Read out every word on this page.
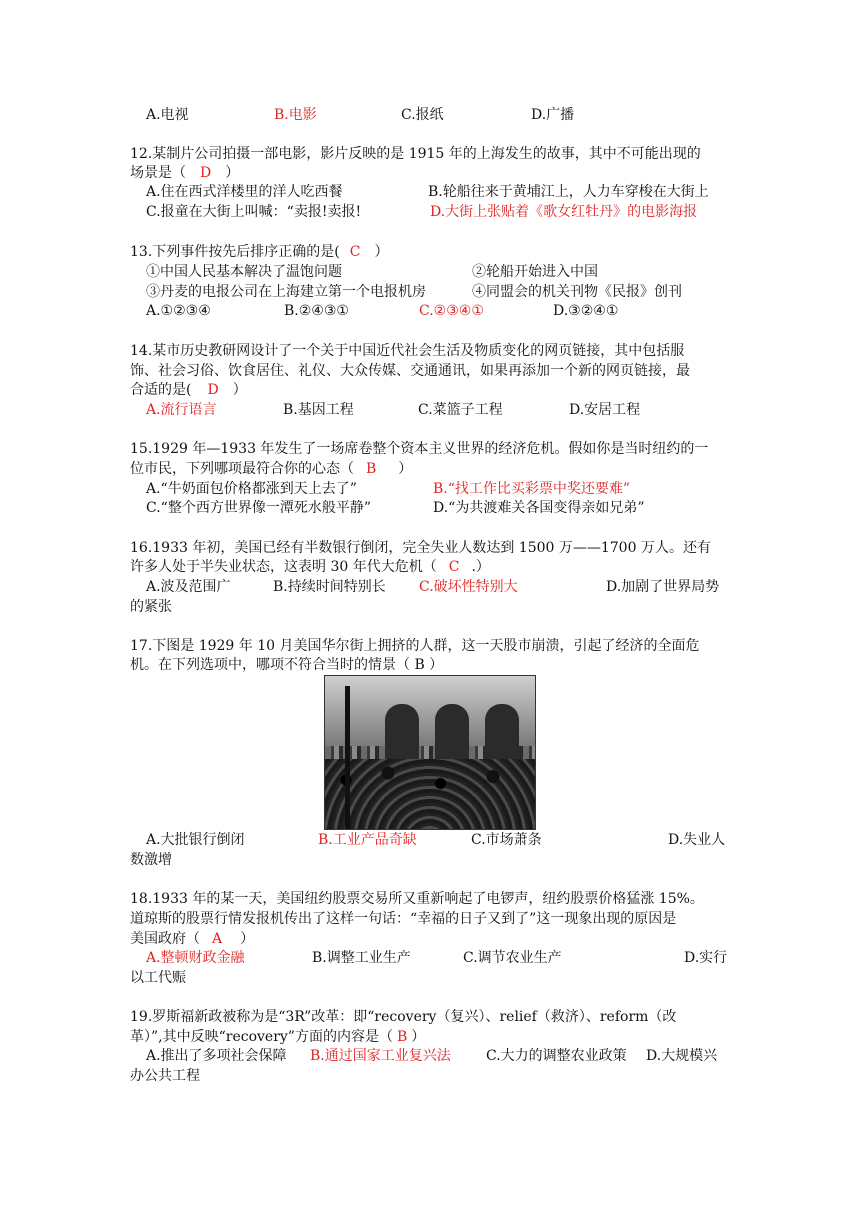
A.电视	B.电影	C.报纸	D.广播
12.某制片公司拍摄一部电影，影片反映的是 1915 年的上海发生的故事，其中不可能出现的
场景是（ D ）
A.住在西式洋楼里的洋人吃西餐	B.轮船往来于黄埔江上，人力车穿梭在大街上
C.报童在大街上叫喊：“卖报!卖报!	D.大街上张贴着《歌女红牡丹》的电影海报
13.下列事件按先后排序正确的是( C ）
①中国人民基本解决了温饱问题	②轮船开始进入中国
③丹麦的电报公司在上海建立第一个电报机房	④同盟会的机关刊物《民报》创刊
A.①②③④	B.②④③①	C.②③④①	D.③②④①
14.某市历史教研网设计了一个关于中国近代社会生活及物质变化的网页链接，其中包括服
饰、社会习俗、饮食居住、礼仪、大众传媒、交通通讯，如果再添加一个新的网页链接，最
合适的是( D ）
A.流行语言	B.基因工程	C.菜篮子工程	D.安居工程
15.1929 年—1933 年发生了一场席卷整个资本主义世界的经济危机。假如你是当时纽约的一
位市民，下列哪项最符合你的心态（ B ）
A.“牛奶面包价格都涨到天上去了”	B.“找工作比买彩票中奖还要难”
C.“整个西方世界像一潭死水般平静”	D.“为共渡难关各国变得亲如兄弟”
16.1933 年初，美国已经有半数银行倒闭，完全失业人数达到 1500 万——1700 万人。还有
许多人处于半失业状态，这表明 30 年代大危机（ C .）
A.波及范围广	B.持续时间特别长 C.破坏性特别大	D.加剧了世界局势
的紧张
17.下图是 1929 年 10 月美国华尔街上拥挤的人群，这一天股市崩溃，引起了经济的全面危
机。在下列选项中，哪项不符合当时的情景（ B ）
A.大批银行倒闭	B.工业产品奇缺	C.市场萧条	D.失业人
数激增
18.1933 年的某一天，美国纽约股票交易所又重新响起了电锣声，纽约股票价格猛涨 15%。
道琼斯的股票行情发报机传出了这样一句话：“幸福的日子又到了”这一现象出现的原因是
美国政府（ A ）
A.整顿财政金融	B.调整工业生产	C.调节农业生产	D.实行
以工代赈
19.罗斯福新政被称为是“3R”改革：即“recovery（复兴）、relief（救济）、reform（改
革）”,其中反映“recovery”方面的内容是（ B ）
A.推出了多项社会保障 B.通过国家工业复兴法	C.大力的调整农业政策 D.大规模兴
办公共工程
